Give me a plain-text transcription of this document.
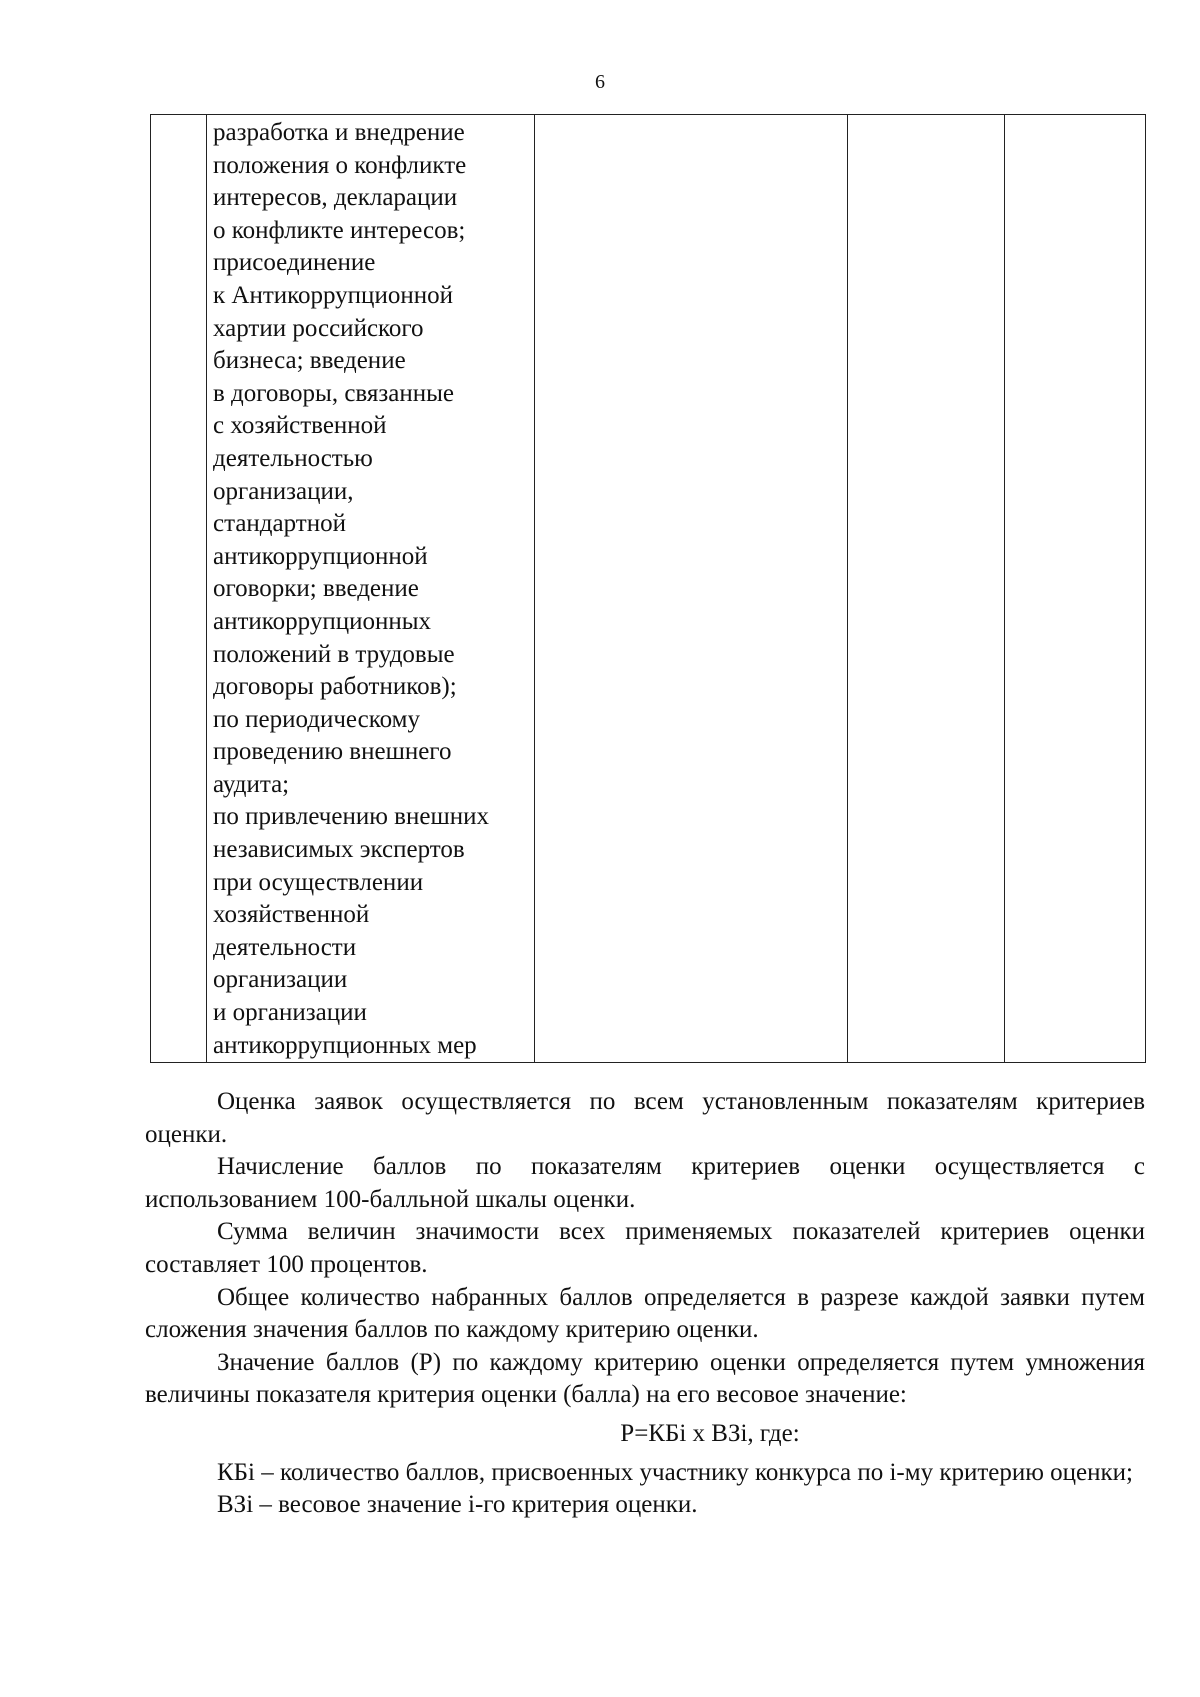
6

разработка и внедрение
положения о конфликте
интересов, декларации
о конфликте интересов;
присоединение
к Антикоррупционной
хартии российского
бизнеса; введение
в договоры, связанные
с хозяйственной
деятельностью
организации,
стандартной
антикоррупционной
оговорки; введение
антикоррупционных
положений в трудовые
договоры работников);
по периодическому
проведению внешнего
аудита;
по привлечению внешних
независимых экспертов
при осуществлении
хозяйственной
деятельности
организации
и организации
антикоррупционных мер

Оценка заявок осуществляется по всем установленным показателям критериев оценки.

Начисление баллов по показателям критериев оценки осуществляется с использованием 100-балльной шкалы оценки.

Сумма величин значимости всех применяемых показателей критериев оценки составляет 100 процентов.

Общее количество набранных баллов определяется в разрезе каждой заявки путем сложения значения баллов по каждому критерию оценки.

Значение баллов (Р) по каждому критерию оценки определяется путем умножения величины показателя критерия оценки (балла) на его весовое значение:

Р=КБi х ВЗi, где:

КБi – количество баллов, присвоенных участнику конкурса по i-му критерию оценки;

ВЗi – весовое значение i-го критерия оценки.
